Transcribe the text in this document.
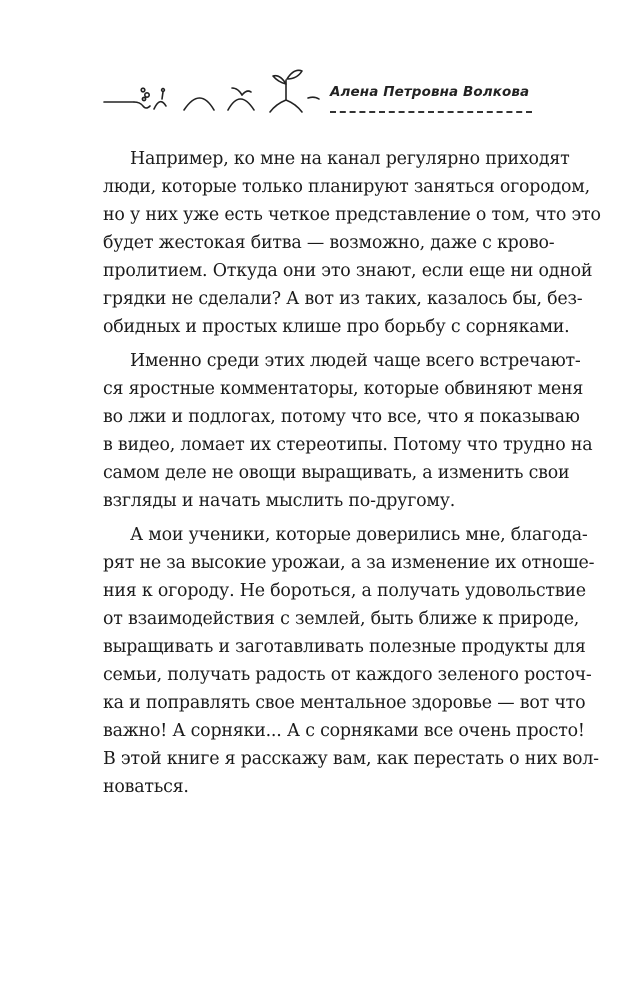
Алена Петровна Волкова
Например, ко мне на канал регулярно приходят
люди, которые только планируют заняться огородом,
но у них уже есть четкое представление о том, что это
будет жестокая битва — возможно, даже с крово-
пролитием. Откуда они это знают, если еще ни одной
грядки не сделали? А вот из таких, казалось бы, без-
обидных и простых клише про борьбу с сорняками.
Именно среди этих людей чаще всего встречают-
ся яростные комментаторы, которые обвиняют меня
во лжи и подлогах, потому что все, что я показываю
в видео, ломает их стереотипы. Потому что трудно на
самом деле не овощи выращивать, а изменить свои
взгляды и начать мыслить по-другому.
А мои ученики, которые доверились мне, благода-
рят не за высокие урожаи, а за изменение их отноше-
ния к огороду. Не бороться, а получать удовольствие
от взаимодействия с землей, быть ближе к природе,
выращивать и заготавливать полезные продукты для
семьи, получать радость от каждого зеленого росточ-
ка и поправлять свое ментальное здоровье — вот что
важно! А сорняки... А с сорняками все очень просто!
В этой книге я расскажу вам, как перестать о них вол-
новаться.
